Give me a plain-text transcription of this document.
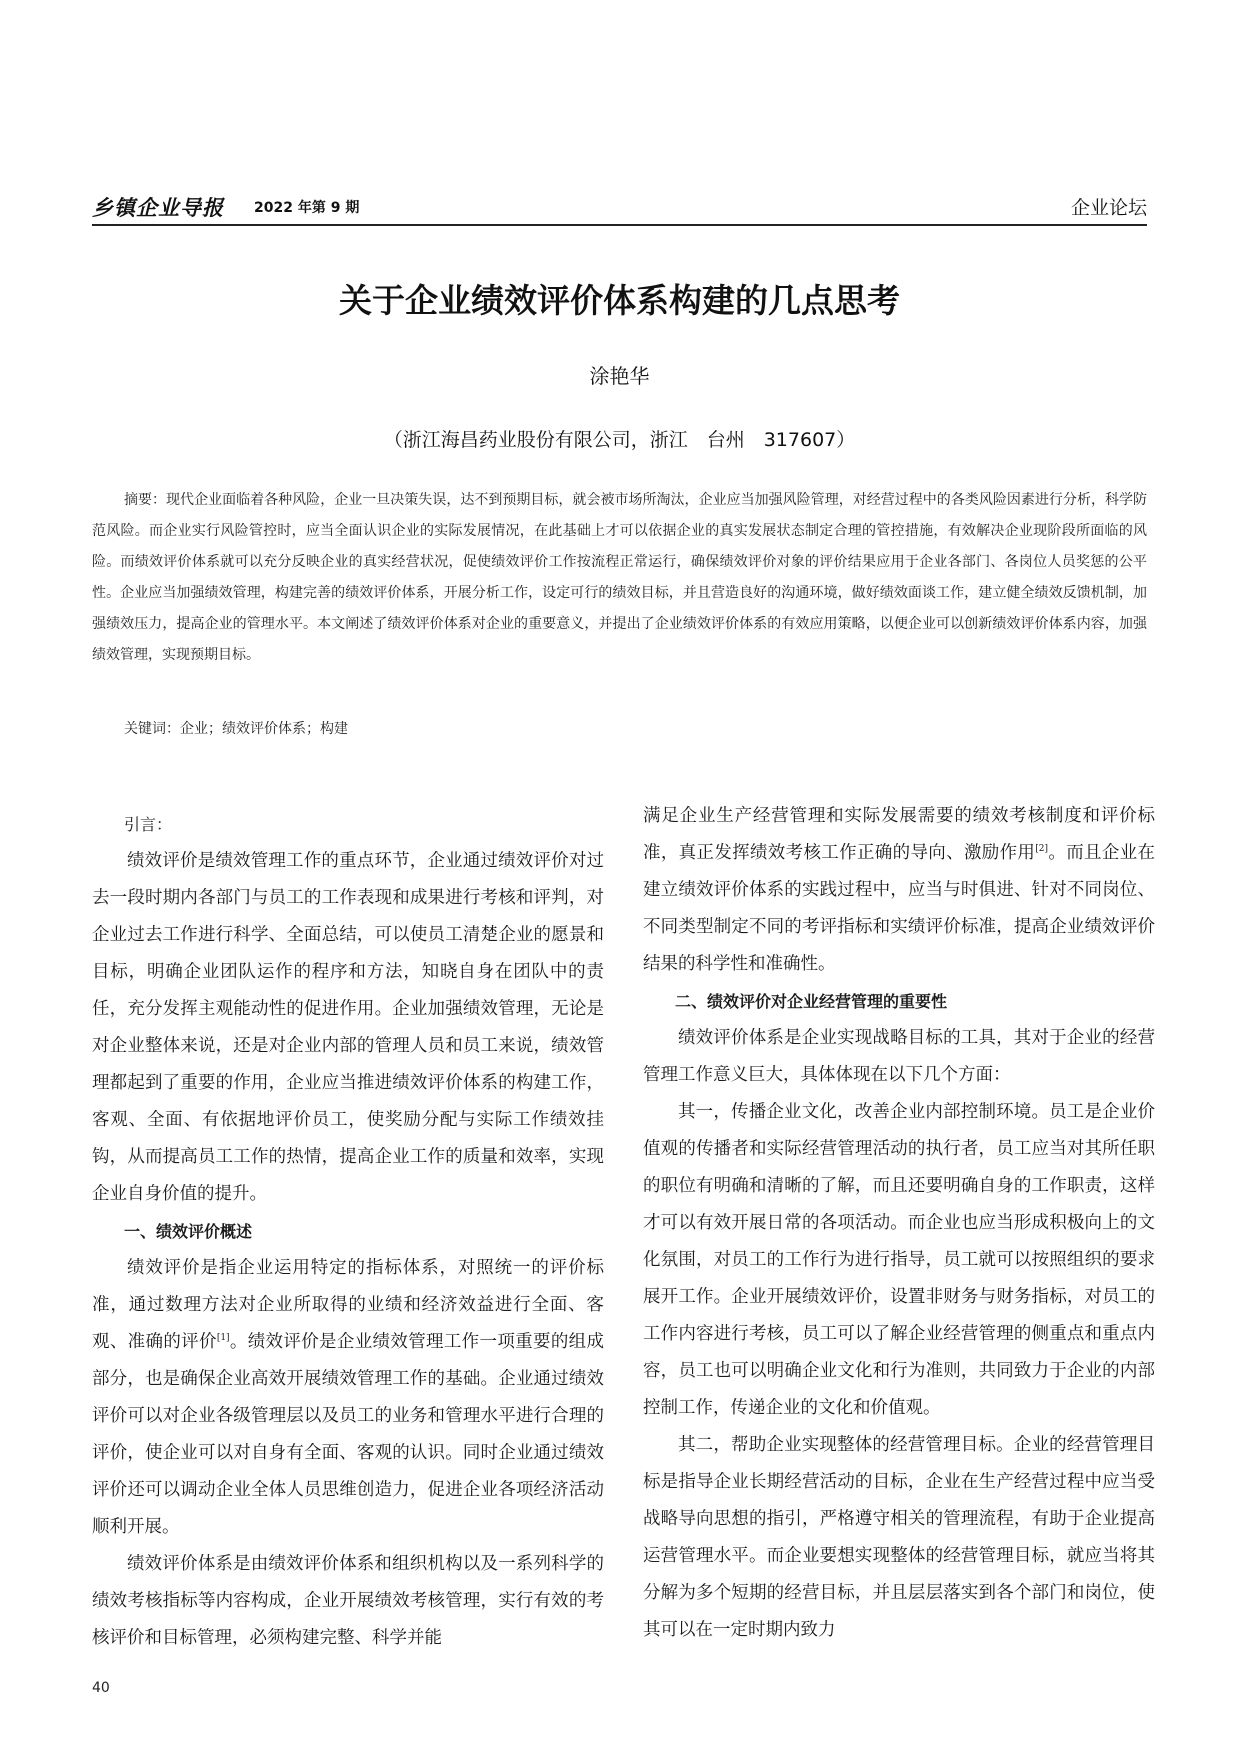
乡镇企业导报 2022 年第 9 期	企业论坛
关于企业绩效评价体系构建的几点思考
涂艳华
（浙江海昌药业股份有限公司，浙江　台州　317607）
摘要：现代企业面临着各种风险，企业一旦决策失误，达不到预期目标，就会被市场所淘汰，企业应当加强风险管理，对经营过程中的各类风险因素进行分析，科学防范风险。而企业实行风险管控时，应当全面认识企业的实际发展情况，在此基础上才可以依据企业的真实发展状态制定合理的管控措施，有效解决企业现阶段所面临的风险。而绩效评价体系就可以充分反映企业的真实经营状况，促使绩效评价工作按流程正常运行，确保绩效评价对象的评价结果应用于企业各部门、各岗位人员奖惩的公平性。企业应当加强绩效管理，构建完善的绩效评价体系，开展分析工作，设定可行的绩效目标，并且营造良好的沟通环境，做好绩效面谈工作，建立健全绩效反馈机制，加强绩效压力，提高企业的管理水平。本文阐述了绩效评价体系对企业的重要意义，并提出了企业绩效评价体系的有效应用策略，以便企业可以创新绩效评价体系内容，加强绩效管理，实现预期目标。
关键词：企业；绩效评价体系；构建
引言：

绩效评价是绩效管理工作的重点环节，企业通过绩效评价对过去一段时期内各部门与员工的工作表现和成果进行考核和评判，对企业过去工作进行科学、全面总结，可以使员工清楚企业的愿景和目标，明确企业团队运作的程序和方法，知晓自身在团队中的责任，充分发挥主观能动性的促进作用。企业加强绩效管理，无论是对企业整体来说，还是对企业内部的管理人员和员工来说，绩效管理都起到了重要的作用，企业应当推进绩效评价体系的构建工作，客观、全面、有依据地评价员工，使奖励分配与实际工作绩效挂钩，从而提高员工工作的热情，提高企业工作的质量和效率，实现企业自身价值的提升。

一、绩效评价概述

绩效评价是指企业运用特定的指标体系，对照统一的评价标准，通过数理方法对企业所取得的业绩和经济效益进行全面、客观、准确的评价[1]。绩效评价是企业绩效管理工作一项重要的组成部分，也是确保企业高效开展绩效管理工作的基础。企业通过绩效评价可以对企业各级管理层以及员工的业务和管理水平进行合理的评价，使企业可以对自身有全面、客观的认识。同时企业通过绩效评价还可以调动企业全体人员思维创造力，促进企业各项经济活动顺利开展。

绩效评价体系是由绩效评价体系和组织机构以及一系列科学的绩效考核指标等内容构成，企业开展绩效考核管理，实行有效的考核评价和目标管理，必须构建完整、科学并能

满足企业生产经营管理和实际发展需要的绩效考核制度和评价标准，真正发挥绩效考核工作正确的导向、激励作用[2]。而且企业在建立绩效评价体系的实践过程中，应当与时俱进、针对不同岗位、不同类型制定不同的考评指标和实绩评价标准，提高企业绩效评价结果的科学性和准确性。

二、绩效评价对企业经营管理的重要性

绩效评价体系是企业实现战略目标的工具，其对于企业的经营管理工作意义巨大，具体体现在以下几个方面：

其一，传播企业文化，改善企业内部控制环境。员工是企业价值观的传播者和实际经营管理活动的执行者，员工应当对其所任职的职位有明确和清晰的了解，而且还要明确自身的工作职责，这样才可以有效开展日常的各项活动。而企业也应当形成积极向上的文化氛围，对员工的工作行为进行指导，员工就可以按照组织的要求展开工作。企业开展绩效评价，设置非财务与财务指标，对员工的工作内容进行考核，员工可以了解企业经营管理的侧重点和重点内容，员工也可以明确企业文化和行为准则，共同致力于企业的内部控制工作，传递企业的文化和价值观。

其二，帮助企业实现整体的经营管理目标。企业的经营管理目标是指导企业长期经营活动的目标，企业在生产经营过程中应当受战略导向思想的指引，严格遵守相关的管理流程，有助于企业提高运营管理水平。而企业要想实现整体的经营管理目标，就应当将其分解为多个短期的经营目标，并且层层落实到各个部门和岗位，使其可以在一定时期内致力

40
